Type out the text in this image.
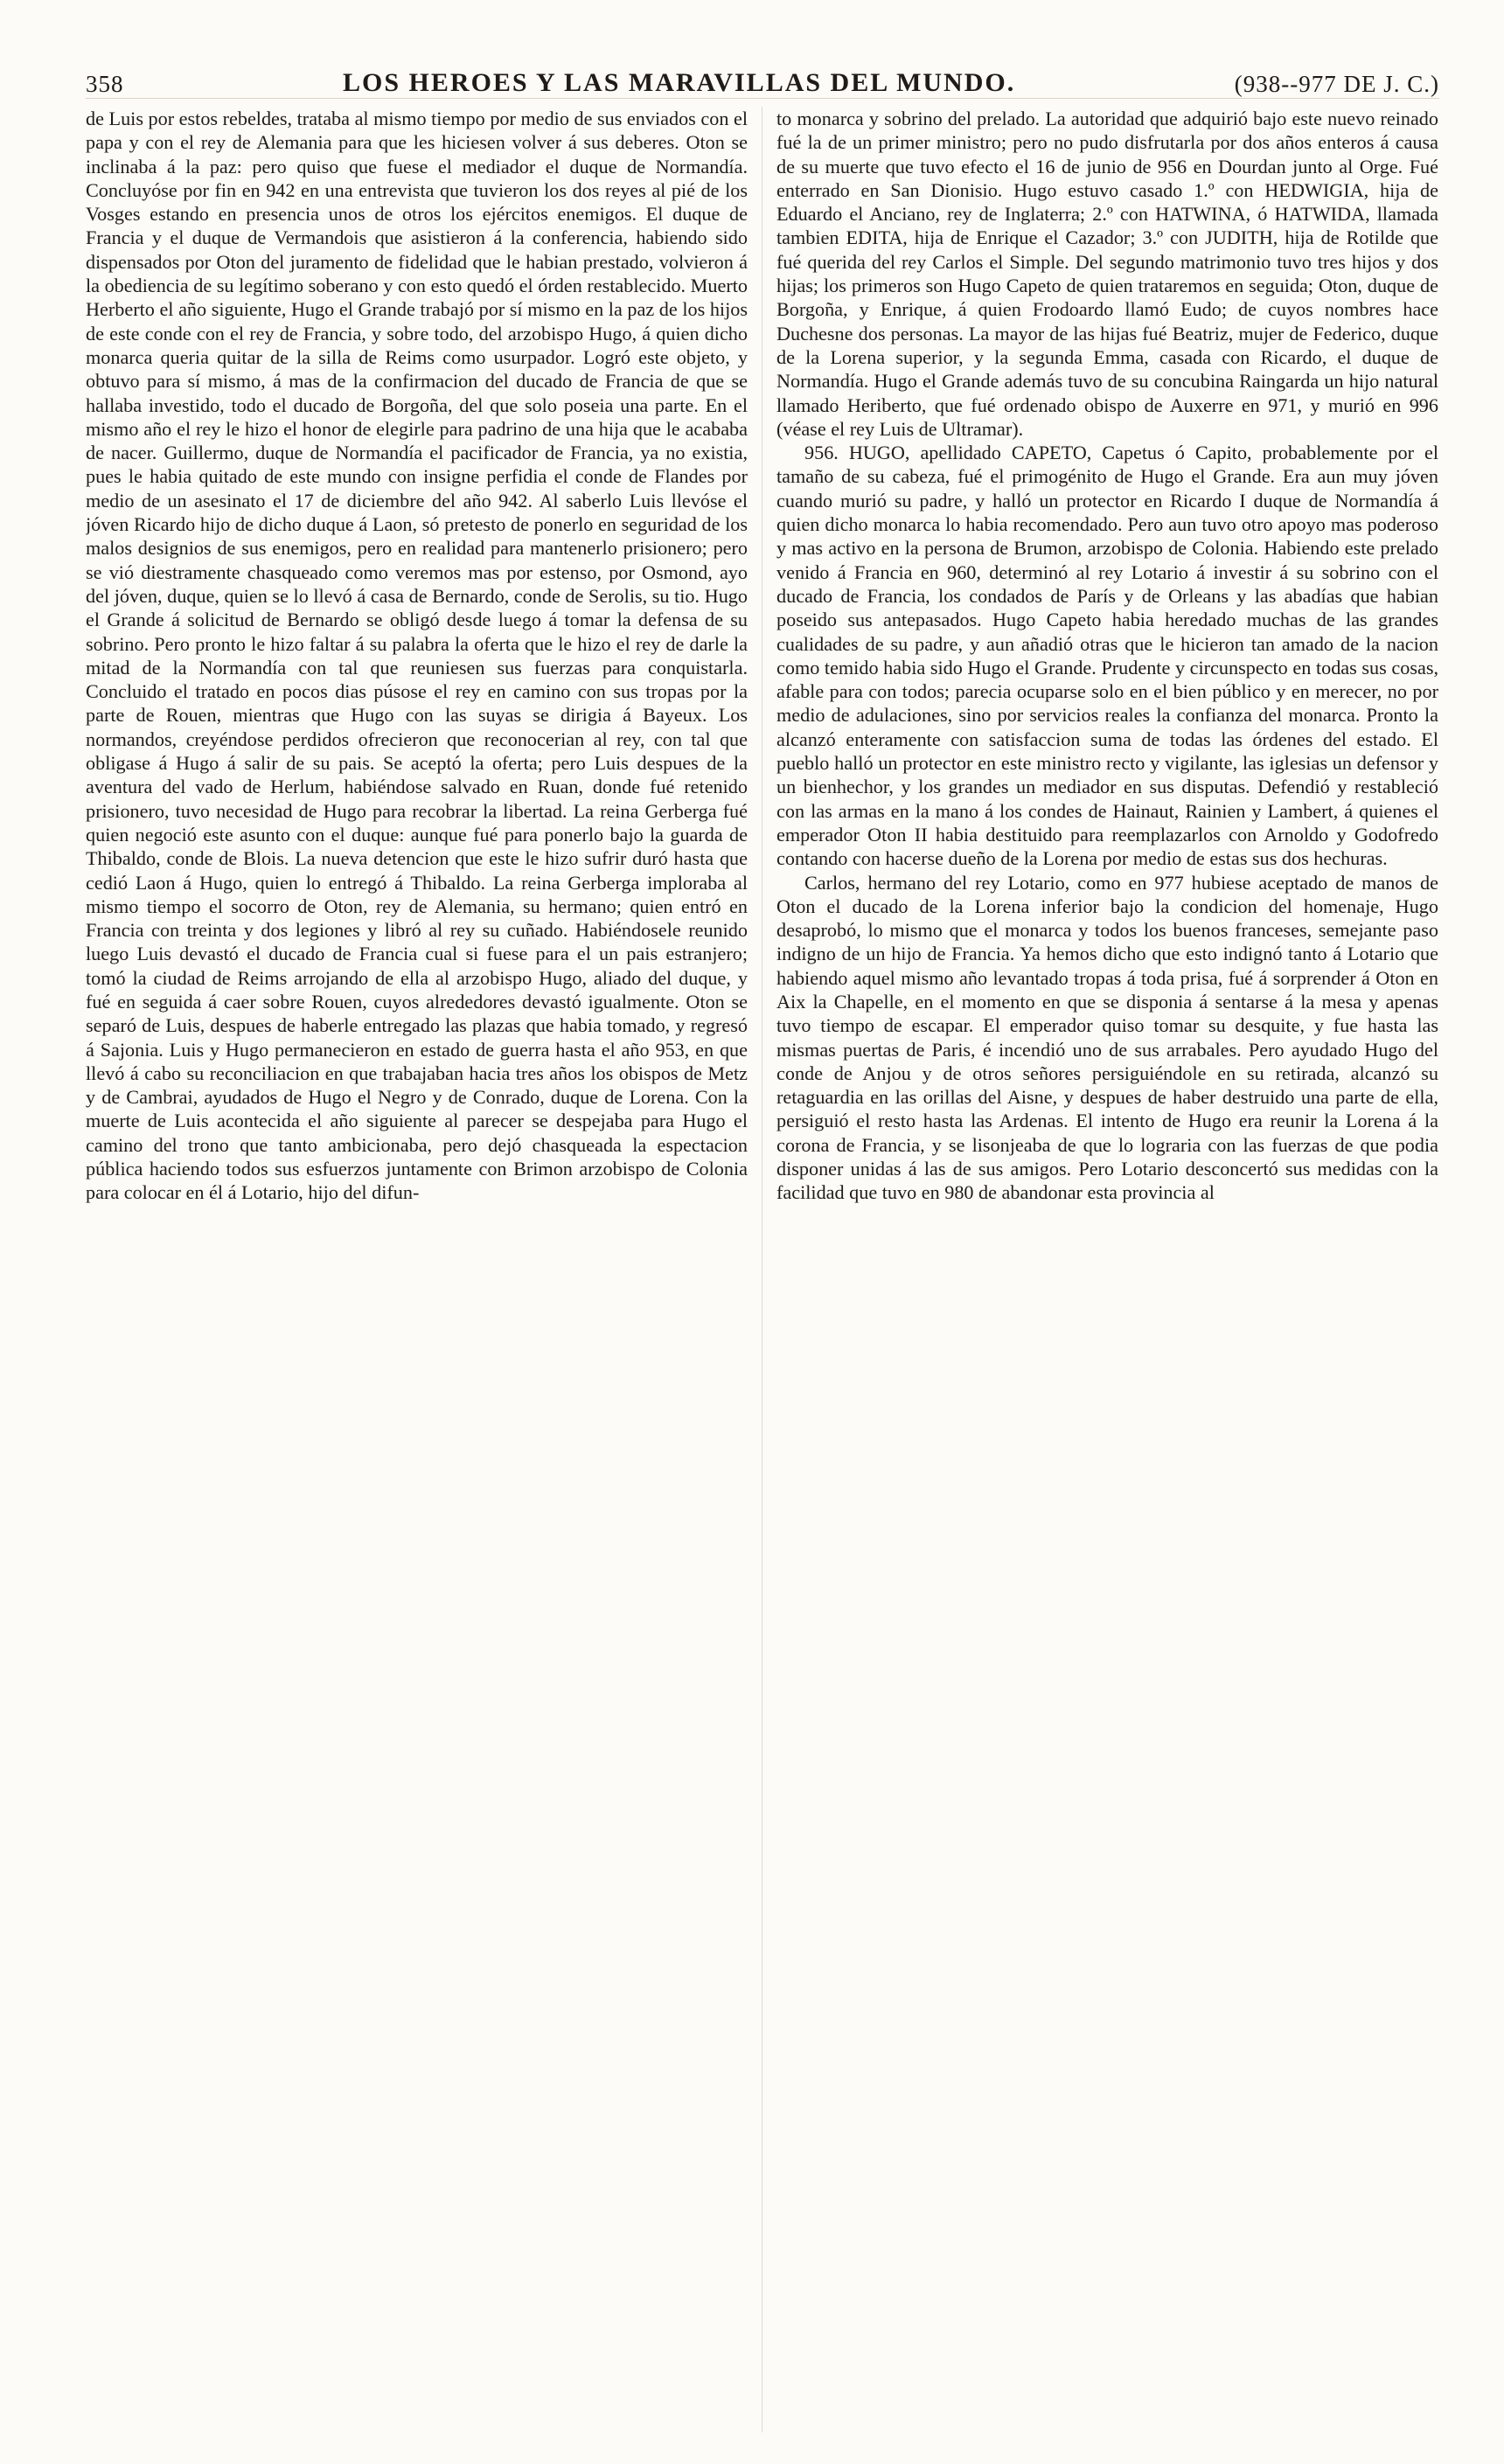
358	LOS HEROES Y LAS MARAVILLAS DEL MUNDO.	(938--977 DE J. C.)

de Luis por estos rebeldes, trataba al mismo tiempo por medio de sus enviados con el papa y con el rey de Alemania para que les hiciesen volver á sus deberes. Oton se inclinaba á la paz: pero quiso que fuese el mediador el duque de Normandía. Concluyóse por fin en 942 en una entrevista que tuvieron los dos reyes al pié de los Vosges estando en presencia unos de otros los ejércitos enemigos. El duque de Francia y el duque de Vermandois que asistieron á la conferencia, habiendo sido dispensados por Oton del juramento de fidelidad que le habian prestado, volvieron á la obediencia de su legítimo soberano y con esto quedó el órden restablecido. Muerto Herberto el año siguiente, Hugo el Grande trabajó por sí mismo en la paz de los hijos de este conde con el rey de Francia, y sobre todo, del arzobispo Hugo, á quien dicho monarca queria quitar de la silla de Reims como usurpador. Logró este objeto, y obtuvo para sí mismo, á mas de la confirmacion del ducado de Francia de que se hallaba investido, todo el ducado de Borgoña, del que solo poseia una parte. En el mismo año el rey le hizo el honor de elegirle para padrino de una hija que le acababa de nacer. Guillermo, duque de Normandía el pacificador de Francia, ya no existia, pues le habia quitado de este mundo con insigne perfidia el conde de Flandes por medio de un asesinato el 17 de diciembre del año 942. Al saberlo Luis llevóse el jóven Ricardo hijo de dicho duque á Laon, só pretesto de ponerlo en seguridad de los malos designios de sus enemigos, pero en realidad para mantenerlo prisionero; pero se vió diestramente chasqueado como veremos mas por estenso, por Osmond, ayo del jóven, duque, quien se lo llevó á casa de Bernardo, conde de Serolis, su tio. Hugo el Grande á solicitud de Bernardo se obligó desde luego á tomar la defensa de su sobrino. Pero pronto le hizo faltar á su palabra la oferta que le hizo el rey de darle la mitad de la Normandía con tal que reuniesen sus fuerzas para conquistarla. Concluido el tratado en pocos dias púsose el rey en camino con sus tropas por la parte de Rouen, mientras que Hugo con las suyas se dirigia á Bayeux. Los normandos, creyéndose perdidos ofrecieron que reconocerian al rey, con tal que obligase á Hugo á salir de su pais. Se aceptó la oferta; pero Luis despues de la aventura del vado de Herlum, habiéndose salvado en Ruan, donde fué retenido prisionero, tuvo necesidad de Hugo para recobrar la libertad. La reina Gerberga fué quien negoció este asunto con el duque: aunque fué para ponerlo bajo la guarda de Thibaldo, conde de Blois. La nueva detencion que este le hizo sufrir duró hasta que cedió Laon á Hugo, quien lo entregó á Thibaldo. La reina Gerberga imploraba al mismo tiempo el socorro de Oton, rey de Alemania, su hermano; quien entró en Francia con treinta y dos legiones y libró al rey su cuñado. Habiéndosele reunido luego Luis devastó el ducado de Francia cual si fuese para el un pais estranjero; tomó la ciudad de Reims arrojando de ella al arzobispo Hugo, aliado del duque, y fué en seguida á caer sobre Rouen, cuyos alrededores devastó igualmente. Oton se separó de Luis, despues de haberle entregado las plazas que habia tomado, y regresó á Sajonia. Luis y Hugo permanecieron en estado de guerra hasta el año 953, en que llevó á cabo su reconciliacion en que trabajaban hacia tres años los obispos de Metz y de Cambrai, ayudados de Hugo el Negro y de Conrado, duque de Lorena. Con la muerte de Luis acontecida el año siguiente al parecer se despejaba para Hugo el camino del trono que tanto ambicionaba, pero dejó chasqueada la espectacion pública haciendo todos sus esfuerzos juntamente con Brimon arzobispo de Colonia para colocar en él á Lotario, hijo del difun-

to monarca y sobrino del prelado. La autoridad que adquirió bajo este nuevo reinado fué la de un primer ministro; pero no pudo disfrutarla por dos años enteros á causa de su muerte que tuvo efecto el 16 de junio de 956 en Dourdan junto al Orge. Fué enterrado en San Dionisio. Hugo estuvo casado 1.º con HEDWIGIA, hija de Eduardo el Anciano, rey de Inglaterra; 2.º con HATWINA, ó HATWIDA, llamada tambien EDITA, hija de Enrique el Cazador; 3.º con JUDITH, hija de Rotilde que fué querida del rey Carlos el Simple. Del segundo matrimonio tuvo tres hijos y dos hijas; los primeros son Hugo Capeto de quien trataremos en seguida; Oton, duque de Borgoña, y Enrique, á quien Frodoardo llamó Eudo; de cuyos nombres hace Duchesne dos personas. La mayor de las hijas fué Beatriz, mujer de Federico, duque de la Lorena superior, y la segunda Emma, casada con Ricardo, el duque de Normandía. Hugo el Grande además tuvo de su concubina Raingarda un hijo natural llamado Heriberto, que fué ordenado obispo de Auxerre en 971, y murió en 996 (véase el rey Luis de Ultramar).

956. HUGO, apellidado CAPETO, Capetus ó Capito, probablemente por el tamaño de su cabeza, fué el primogénito de Hugo el Grande. Era aun muy jóven cuando murió su padre, y halló un protector en Ricardo I duque de Normandía á quien dicho monarca lo habia recomendado. Pero aun tuvo otro apoyo mas poderoso y mas activo en la persona de Brumon, arzobispo de Colonia. Habiendo este prelado venido á Francia en 960, determinó al rey Lotario á investir á su sobrino con el ducado de Francia, los condados de París y de Orleans y las abadías que habian poseido sus antepasados. Hugo Capeto habia heredado muchas de las grandes cualidades de su padre, y aun añadió otras que le hicieron tan amado de la nacion como temido habia sido Hugo el Grande. Prudente y circunspecto en todas sus cosas, afable para con todos; parecia ocuparse solo en el bien público y en merecer, no por medio de adulaciones, sino por servicios reales la confianza del monarca. Pronto la alcanzó enteramente con satisfaccion suma de todas las órdenes del estado. El pueblo halló un protector en este ministro recto y vigilante, las iglesias un defensor y un bienhechor, y los grandes un mediador en sus disputas. Defendió y restableció con las armas en la mano á los condes de Hainaut, Rainien y Lambert, á quienes el emperador Oton II habia destituido para reemplazarlos con Arnoldo y Godofredo contando con hacerse dueño de la Lorena por medio de estas sus dos hechuras.

Carlos, hermano del rey Lotario, como en 977 hubiese aceptado de manos de Oton el ducado de la Lorena inferior bajo la condicion del homenaje, Hugo desaprobó, lo mismo que el monarca y todos los buenos franceses, semejante paso indigno de un hijo de Francia. Ya hemos dicho que esto indignó tanto á Lotario que habiendo aquel mismo año levantado tropas á toda prisa, fué á sorprender á Oton en Aix la Chapelle, en el momento en que se disponia á sentarse á la mesa y apenas tuvo tiempo de escapar. El emperador quiso tomar su desquite, y fue hasta las mismas puertas de Paris, é incendió uno de sus arrabales. Pero ayudado Hugo del conde de Anjou y de otros señores persiguiéndole en su retirada, alcanzó su retaguardia en las orillas del Aisne, y despues de haber destruido una parte de ella, persiguió el resto hasta las Ardenas. El intento de Hugo era reunir la Lorena á la corona de Francia, y se lisonjeaba de que lo lograria con las fuerzas de que podia disponer unidas á las de sus amigos. Pero Lotario desconcertó sus medidas con la facilidad que tuvo en 980 de abandonar esta provincia al
